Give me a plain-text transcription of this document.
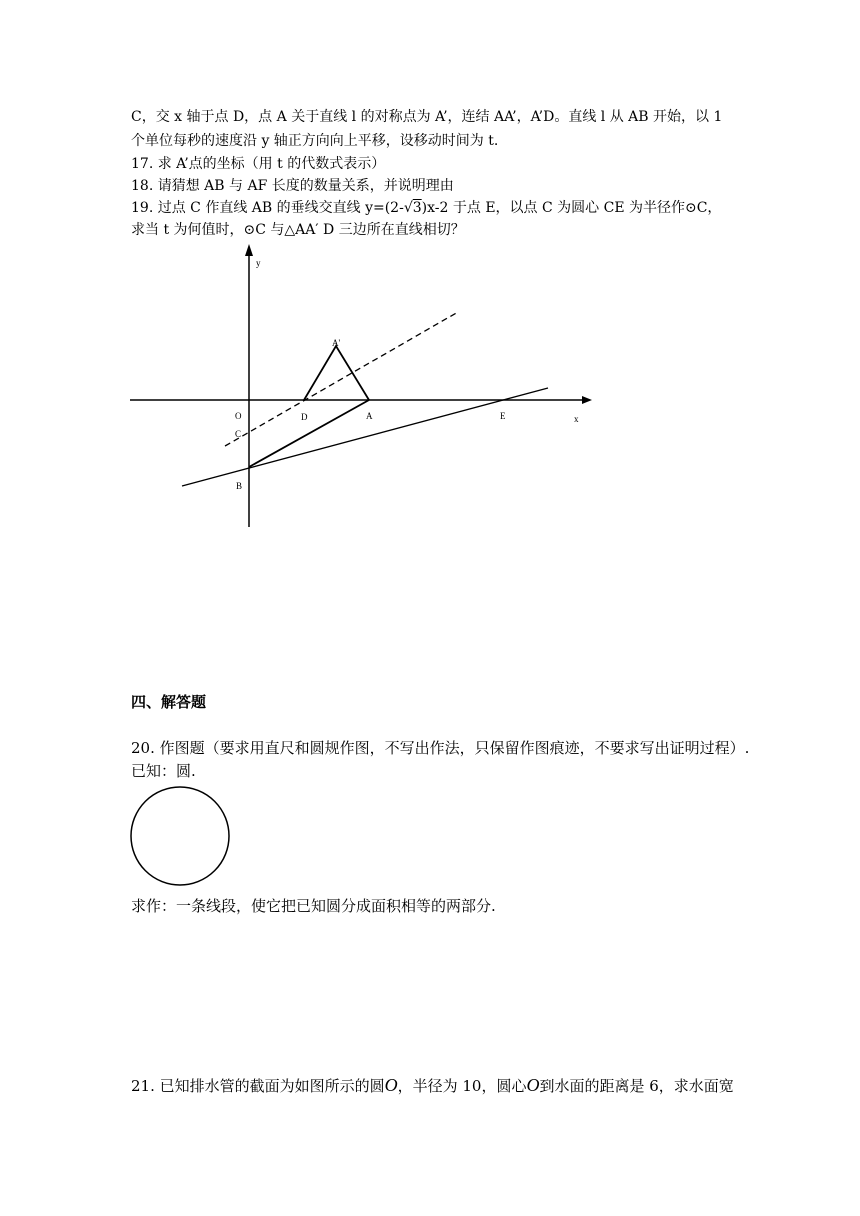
C，交 x 轴于点 D，点 A 关于直线 l 的对称点为 A’，连结 AA’，A’D。直线 l 从 AB 开始，以 1
个单位每秒的速度沿 y 轴正方向向上平移，设移动时间为 t.
17. 求 A’点的坐标（用 t 的代数式表示）
18. 请猜想 AB 与 AF 长度的数量关系，并说明理由
19. 过点 C 作直线 AB 的垂线交直线 y=(2-√3)x-2 于点 E，以点 C 为圆心 CE 为半径作⊙C，
求当 t 为何值时，⊙C 与△AA′ D 三边所在直线相切？
y
x
O	D	A
A'
E
C
B
四、解答题
20. 作图题（要求用直尺和圆规作图，不写出作法，只保留作图痕迹，不要求写出证明过程）.
已知：圆.
求作：一条线段，使它把已知圆分成面积相等的两部分.
21. 已知排水管的截面为如图所示的圆O，半径为 10，圆心O到水面的距离是 6，求水面宽
